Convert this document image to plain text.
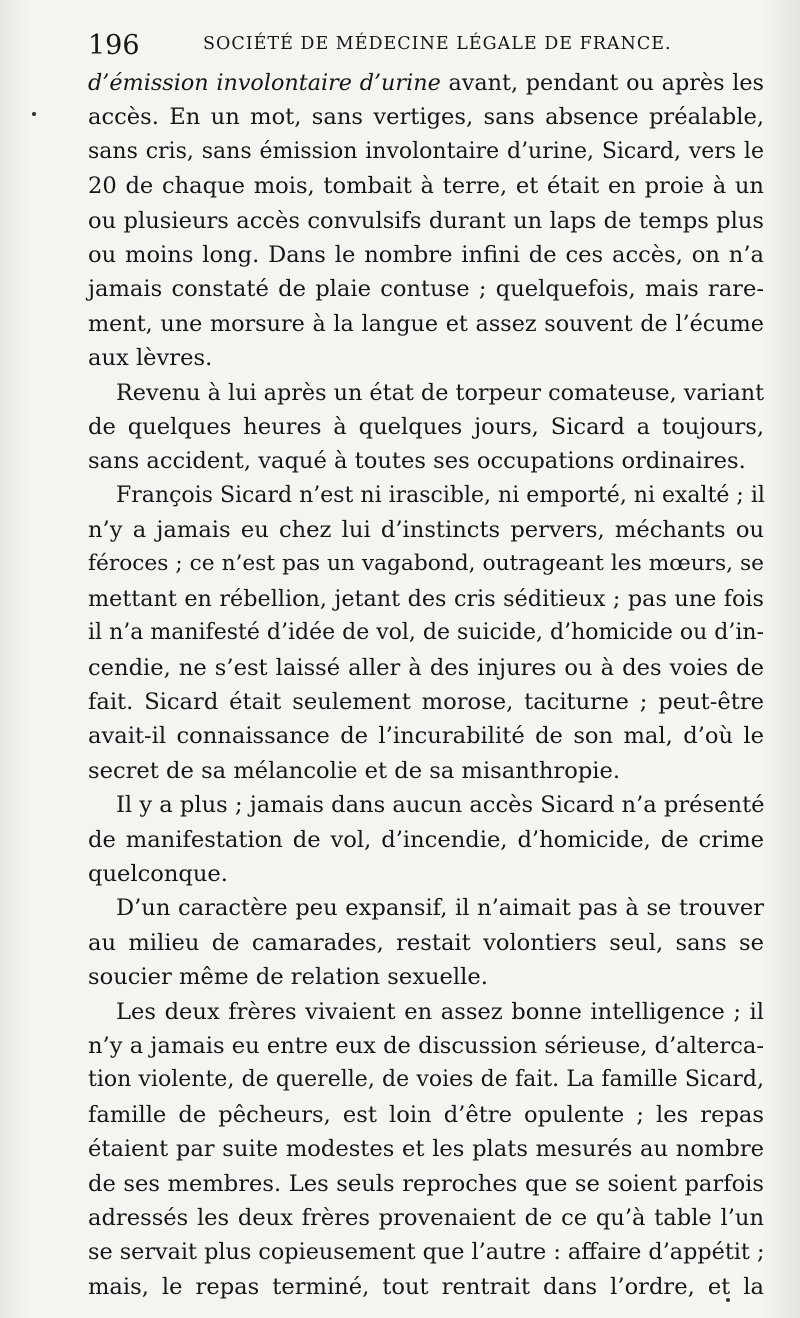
196	SOCIÉTÉ DE MÉDECINE LÉGALE DE FRANCE.
d’émission involontaire d’urine avant, pendant ou après les
accès. En un mot, sans vertiges, sans absence préalable,
sans cris, sans émission involontaire d’urine, Sicard, vers le
20 de chaque mois, tombait à terre, et était en proie à un
ou plusieurs accès convulsifs durant un laps de temps plus
ou moins long. Dans le nombre infini de ces accès, on n’a
jamais constaté de plaie contuse ; quelquefois, mais rare-
ment, une morsure à la langue et assez souvent de l’écume
aux lèvres.
Revenu à lui après un état de torpeur comateuse, variant
de quelques heures à quelques jours, Sicard a toujours,
sans accident, vaqué à toutes ses occupations ordinaires.
François Sicard n’est ni irascible, ni emporté, ni exalté ; il
n’y a jamais eu chez lui d’instincts pervers, méchants ou
féroces ; ce n’est pas un vagabond, outrageant les mœurs, se
mettant en rébellion, jetant des cris séditieux ; pas une fois
il n’a manifesté d’idée de vol, de suicide, d’homicide ou d’in-
cendie, ne s’est laissé aller à des injures ou à des voies de
fait. Sicard était seulement morose, taciturne ; peut-être
avait-il connaissance de l’incurabilité de son mal, d’où le
secret de sa mélancolie et de sa misanthropie.
Il y a plus ; jamais dans aucun accès Sicard n’a présenté
de manifestation de vol, d’incendie, d’homicide, de crime
quelconque.
D’un caractère peu expansif, il n’aimait pas à se trouver
au milieu de camarades, restait volontiers seul, sans se
soucier même de relation sexuelle.
Les deux frères vivaient en assez bonne intelligence ; il
n’y a jamais eu entre eux de discussion sérieuse, d’alterca-
tion violente, de querelle, de voies de fait. La famille Sicard,
famille de pêcheurs, est loin d’être opulente ; les repas
étaient par suite modestes et les plats mesurés au nombre
de ses membres. Les seuls reproches que se soient parfois
adressés les deux frères provenaient de ce qu’à table l’un
se servait plus copieusement que l’autre : affaire d’appétit ;
mais, le repas terminé, tout rentrait dans l’ordre, et la
